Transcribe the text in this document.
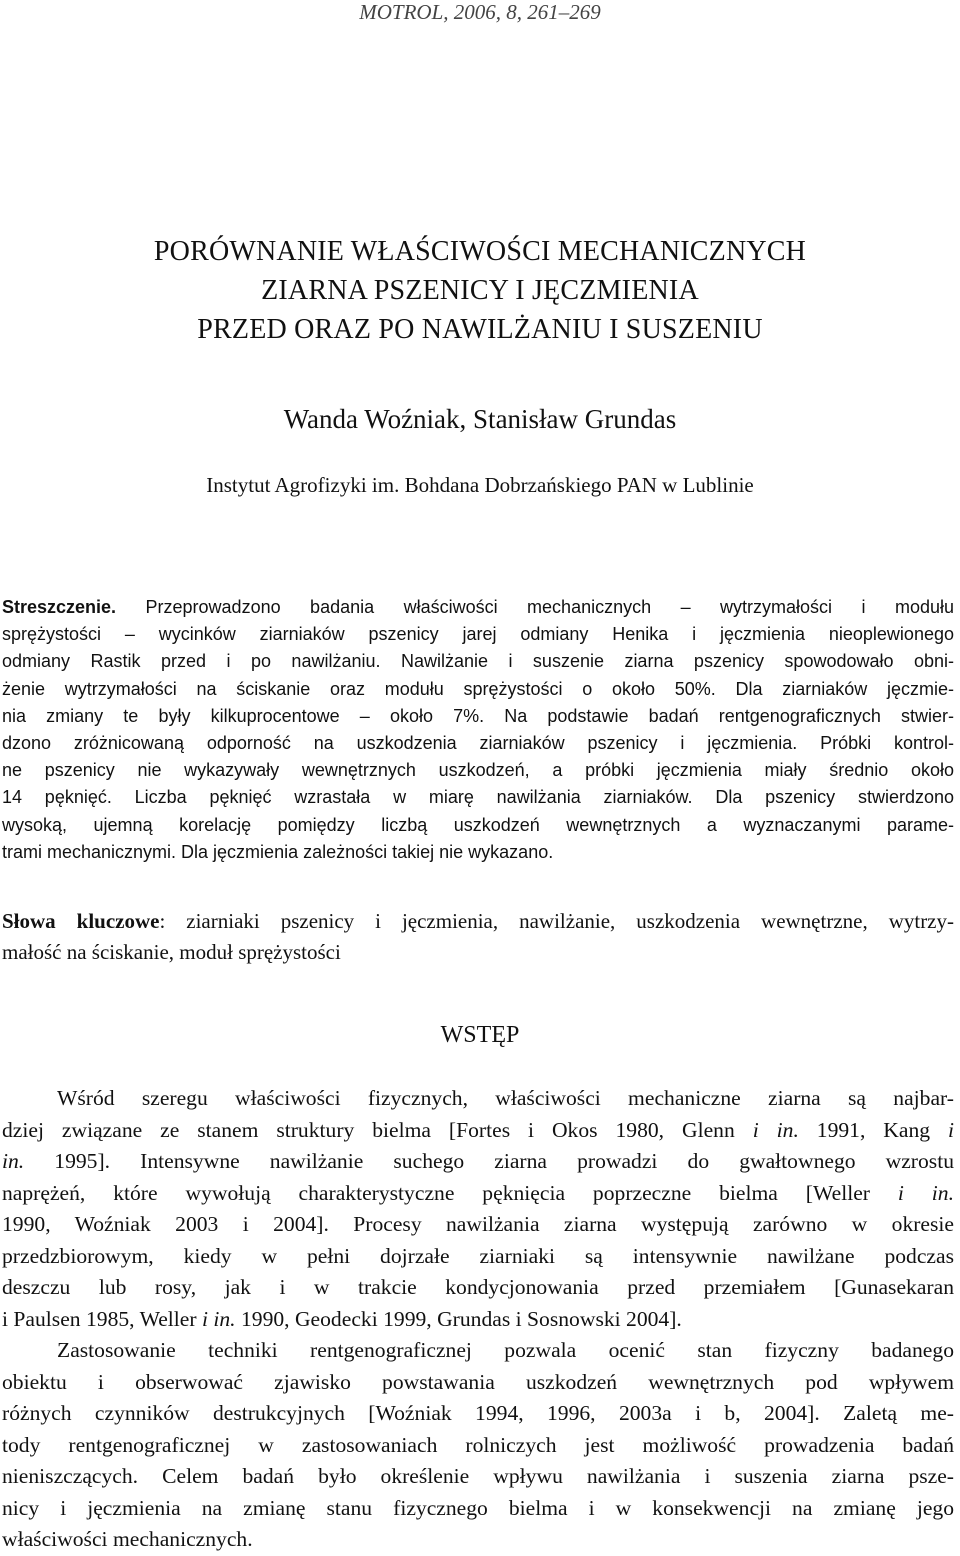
MOTROL, 2006, 8, 261–269
PORÓWNANIE WŁAŚCIWOŚCI MECHANICZNYCH
ZIARNA PSZENICY I JĘCZMIENIA
PRZED ORAZ PO NAWILŻANIU I SUSZENIU
Wanda Woźniak, Stanisław Grundas
Instytut Agrofizyki im. Bohdana Dobrzańskiego PAN w Lublinie
Streszczenie. Przeprowadzono badania właściwości mechanicznych – wytrzymałości i modułu
sprężystości – wycinków ziarniaków pszenicy jarej odmiany Henika i jęczmienia nieoplewionego
odmiany Rastik przed i po nawilżaniu. Nawilżanie i suszenie ziarna pszenicy spowodowało obni-
żenie wytrzymałości na ściskanie oraz modułu sprężystości o około 50%. Dla ziarniaków jęczmie-
nia zmiany te były kilkuprocentowe – około 7%. Na podstawie badań rentgenograficznych stwier-
dzono zróżnicowaną odporność na uszkodzenia ziarniaków pszenicy i jęczmienia. Próbki kontrol-
ne pszenicy nie wykazywały wewnętrznych uszkodzeń, a próbki jęczmienia miały średnio około
14 pęknięć. Liczba pęknięć wzrastała w miarę nawilżania ziarniaków. Dla pszenicy stwierdzono
wysoką, ujemną korelację pomiędzy liczbą uszkodzeń wewnętrznych a wyznaczanymi parame-
trami mechanicznymi. Dla jęczmienia zależności takiej nie wykazano.
Słowa kluczowe: ziarniaki pszenicy i jęczmienia, nawilżanie, uszkodzenia wewnętrzne, wytrzy-
małość na ściskanie, moduł sprężystości
WSTĘP
Wśród szeregu właściwości fizycznych, właściwości mechaniczne ziarna są najbar-
dziej związane ze stanem struktury bielma [Fortes i Okos 1980, Glenn i in. 1991, Kang i
in. 1995]. Intensywne nawilżanie suchego ziarna prowadzi do gwałtownego wzrostu
naprężeń, które wywołują charakterystyczne pęknięcia poprzeczne bielma [Weller i in.
1990, Woźniak 2003 i 2004]. Procesy nawilżania ziarna występują zarówno w okresie
przedzbiorowym, kiedy w pełni dojrzałe ziarniaki są intensywnie nawilżane podczas
deszczu lub rosy, jak i w trakcie kondycjonowania przed przemiałem [Gunasekaran
i Paulsen 1985, Weller i in. 1990, Geodecki 1999, Grundas i Sosnowski 2004].
Zastosowanie techniki rentgenograficznej pozwala ocenić stan fizyczny badanego
obiektu i obserwować zjawisko powstawania uszkodzeń wewnętrznych pod wpływem
różnych czynników destrukcyjnych [Woźniak 1994, 1996, 2003a i b, 2004]. Zaletą me-
tody rentgenograficznej w zastosowaniach rolniczych jest możliwość prowadzenia badań
nieniszczących. Celem badań było określenie wpływu nawilżania i suszenia ziarna psze-
nicy i jęczmienia na zmianę stanu fizycznego bielma i w konsekwencji na zmianę jego
właściwości mechanicznych.
